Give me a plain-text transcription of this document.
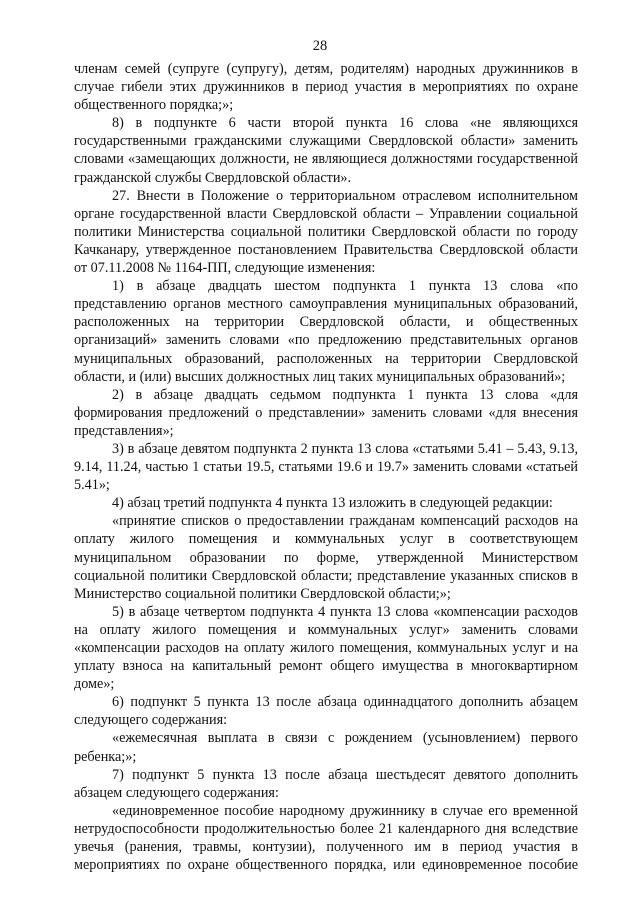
28

членам семей (супруге (супругу), детям, родителям) народных дружинников в случае гибели этих дружинников в период участия в мероприятиях по охране общественного порядка;»;

8) в подпункте 6 части второй пункта 16 слова «не являющихся государственными гражданскими служащими Свердловской области» заменить словами «замещающих должности, не являющиеся должностями государственной гражданской службы Свердловской области».

27. Внести в Положение о территориальном отраслевом исполнительном органе государственной власти Свердловской области – Управлении социальной политики Министерства социальной политики Свердловской области по городу Качканару, утвержденное постановлением Правительства Свердловской области от 07.11.2008 № 1164-ПП, следующие изменения:

1) в абзаце двадцать шестом подпункта 1 пункта 13 слова «по представлению органов местного самоуправления муниципальных образований, расположенных на территории Свердловской области, и общественных организаций» заменить словами «по предложению представительных органов муниципальных образований, расположенных на территории Свердловской области, и (или) высших должностных лиц таких муниципальных образований»;

2) в абзаце двадцать седьмом подпункта 1 пункта 13 слова «для формирования предложений о представлении» заменить словами «для внесения представления»;

3) в абзаце девятом подпункта 2 пункта 13 слова «статьями 5.41 – 5.43, 9.13, 9.14, 11.24, частью 1 статьи 19.5, статьями 19.6 и 19.7» заменить словами «статьей 5.41»;

4) абзац третий подпункта 4 пункта 13 изложить в следующей редакции:

«принятие списков о предоставлении гражданам компенсаций расходов на оплату жилого помещения и коммунальных услуг в соответствующем муниципальном образовании по форме, утвержденной Министерством социальной политики Свердловской области; представление указанных списков в Министерство социальной политики Свердловской области;»;

5) в абзаце четвертом подпункта 4 пункта 13 слова «компенсации расходов на оплату жилого помещения и коммунальных услуг» заменить словами «компенсации расходов на оплату жилого помещения, коммунальных услуг и на уплату взноса на капитальный ремонт общего имущества в многоквартирном доме»;

6) подпункт 5 пункта 13 после абзаца одиннадцатого дополнить абзацем следующего содержания:

«ежемесячная выплата в связи с рождением (усыновлением) первого ребенка;»;

7) подпункт 5 пункта 13 после абзаца шестьдесят девятого дополнить абзацем следующего содержания:

«единовременное пособие народному дружиннику в случае его временной нетрудоспособности продолжительностью более 21 календарного дня вследствие увечья (ранения, травмы, контузии), полученного им в период участия в мероприятиях по охране общественного порядка, или единовременное пособие
